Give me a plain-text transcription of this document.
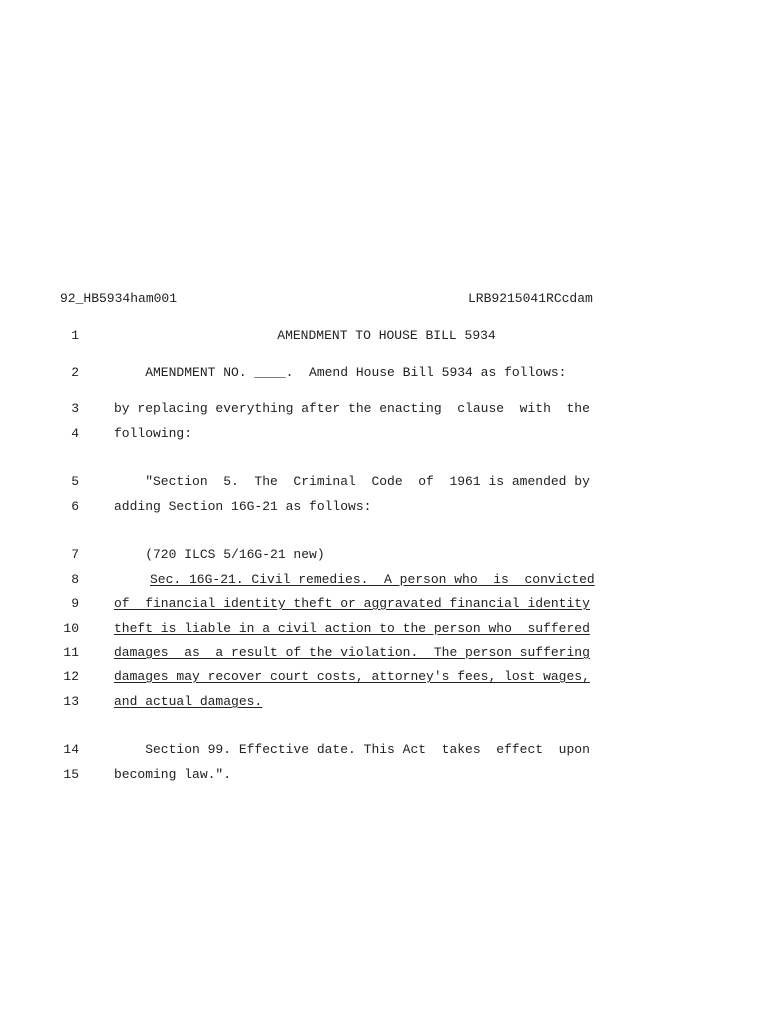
92_HB5934ham001	LRB9215041RCcdam
1	AMENDMENT TO HOUSE BILL 5934
2	AMENDMENT NO. ____.  Amend House Bill 5934 as follows:
3	by replacing everything after the enacting  clause  with  the
4	following:
5	"Section  5.  The  Criminal  Code  of  1961 is amended by
6	adding Section 16G-21 as follows:
7	(720 ILCS 5/16G-21 new)
8	Sec. 16G-21. Civil remedies.  A person who  is  convicted
9	of  financial identity theft or aggravated financial identity
10	theft is liable in a civil action to the person who  suffered
11	damages  as  a result of the violation.  The person suffering
12	damages may recover court costs, attorney's fees, lost wages,
13	and actual damages.
14	Section 99. Effective date. This Act  takes  effect  upon
15	becoming law.".
